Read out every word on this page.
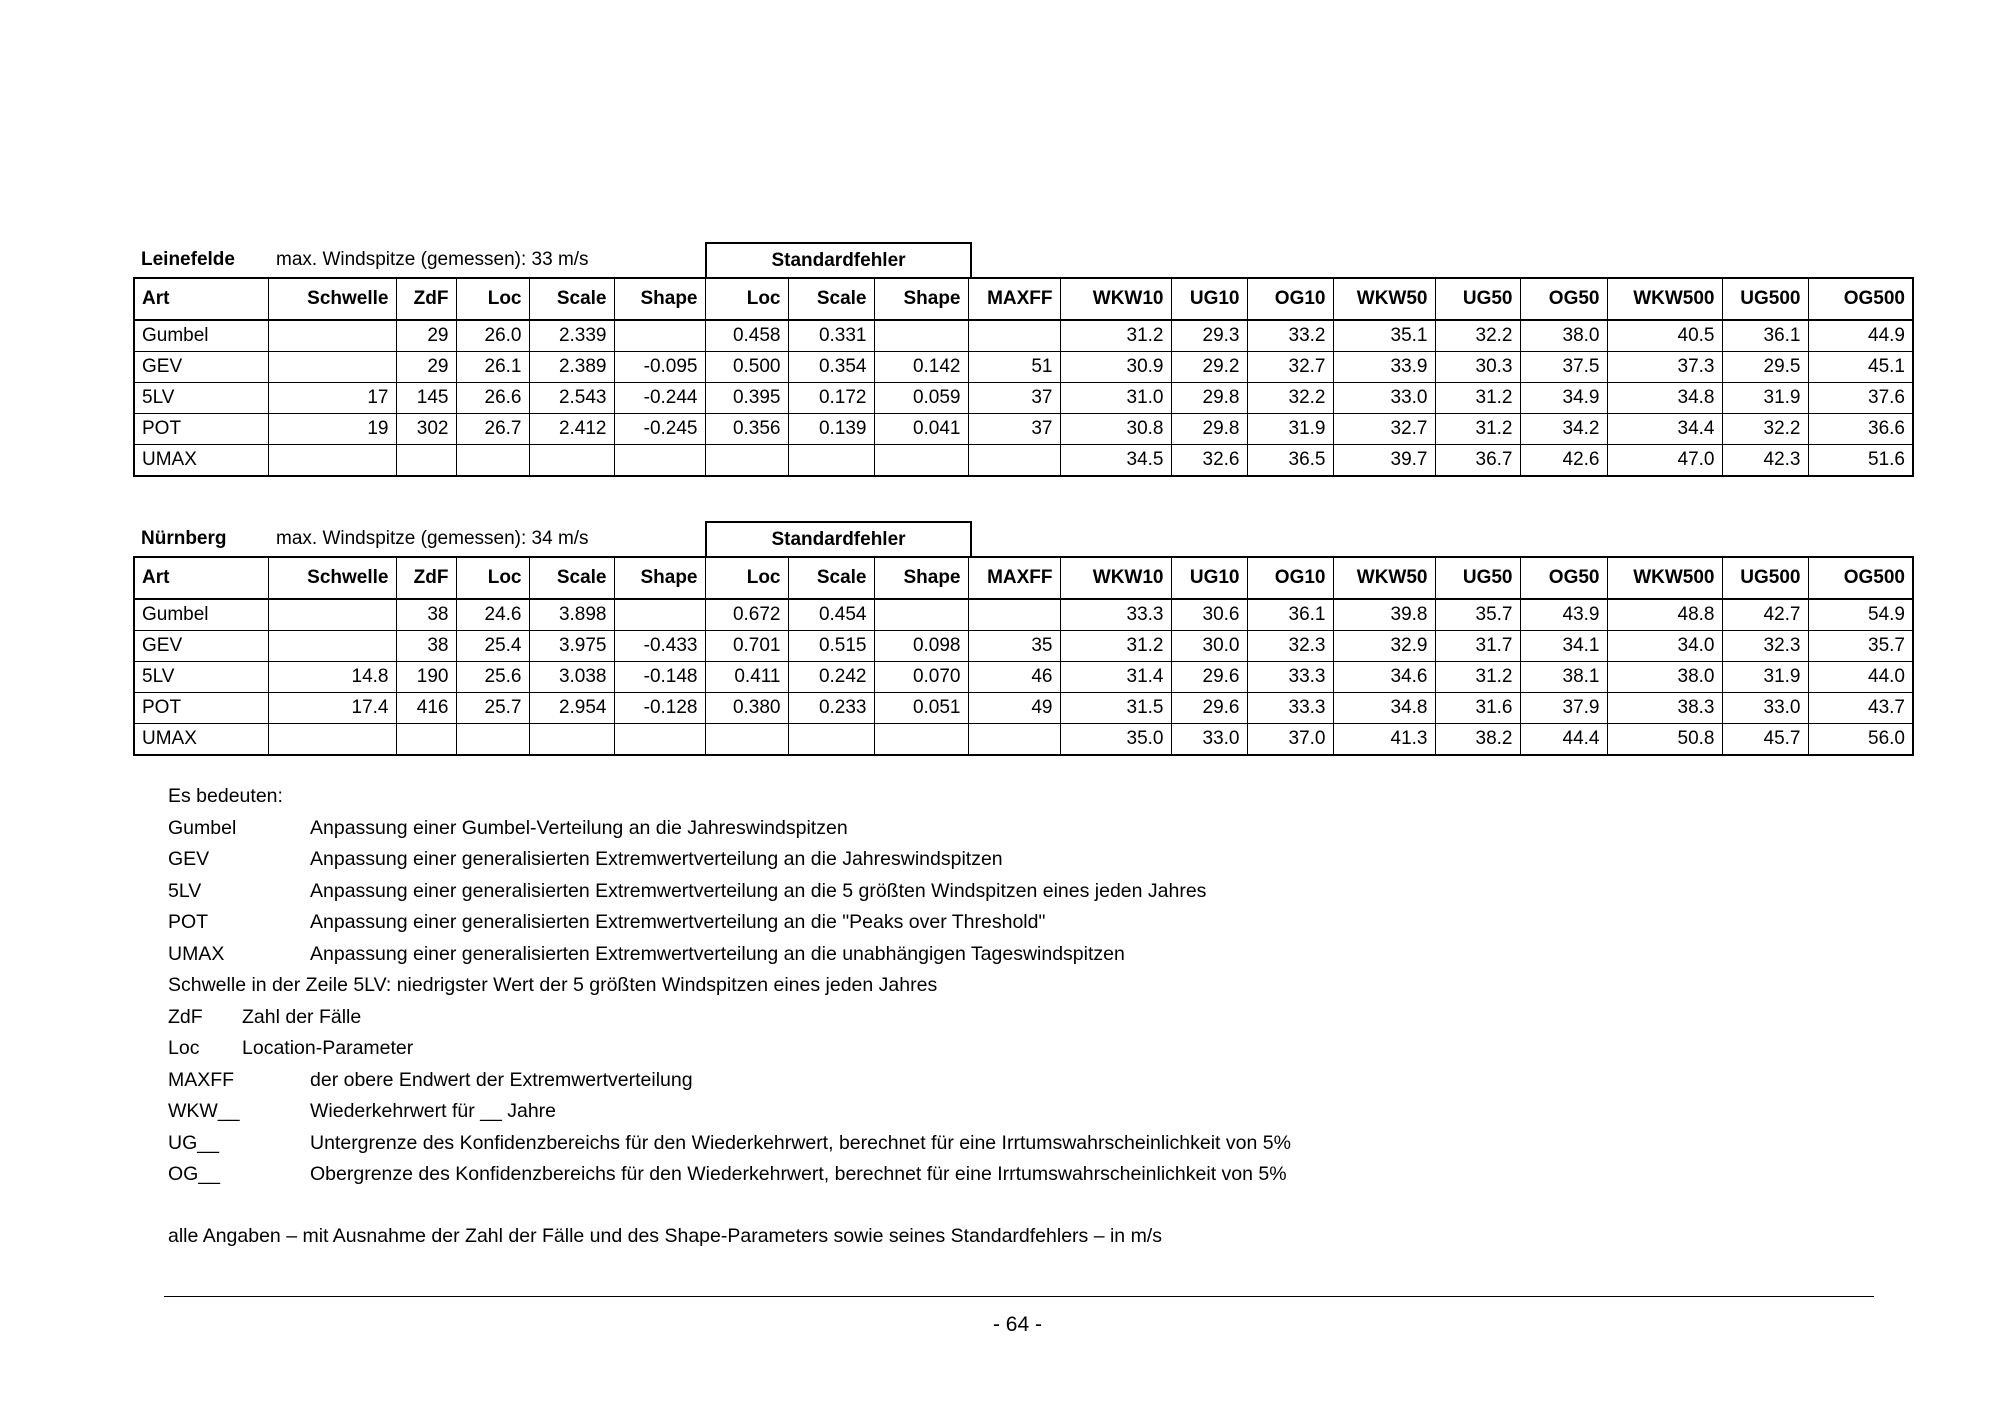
Leinefelde max. Windspitze (gemessen): 33 m/s	Standardfehler
Art	Schwelle	ZdF	Loc	Scale	Shape	Loc	Scale	Shape	MAXFF	WKW10	UG10	OG10	WKW50	UG50	OG50	WKW500	UG500	OG500
Gumbel		29	26.0	2.339		0.458	0.331			31.2	29.3	33.2	35.1	32.2	38.0	40.5	36.1	44.9
GEV		29	26.1	2.389	-0.095	0.500	0.354	0.142	51	30.9	29.2	32.7	33.9	30.3	37.5	37.3	29.5	45.1
5LV	17	145	26.6	2.543	-0.244	0.395	0.172	0.059	37	31.0	29.8	32.2	33.0	31.2	34.9	34.8	31.9	37.6
POT	19	302	26.7	2.412	-0.245	0.356	0.139	0.041	37	30.8	29.8	31.9	32.7	31.2	34.2	34.4	32.2	36.6
UMAX										34.5	32.6	36.5	39.7	36.7	42.6	47.0	42.3	51.6
Nürnberg	max. Windspitze (gemessen): 34 m/s	Standardfehler
Art	Schwelle	ZdF	Loc	Scale	Shape	Loc	Scale	Shape	MAXFF	WKW10	UG10	OG10	WKW50	UG50	OG50	WKW500	UG500	OG500
Gumbel		38	24.6	3.898		0.672	0.454			33.3	30.6	36.1	39.8	35.7	43.9	48.8	42.7	54.9
GEV		38	25.4	3.975	-0.433	0.701	0.515	0.098	35	31.2	30.0	32.3	32.9	31.7	34.1	34.0	32.3	35.7
5LV	14.8	190	25.6	3.038	-0.148	0.411	0.242	0.070	46	31.4	29.6	33.3	34.6	31.2	38.1	38.0	31.9	44.0
POT	17.4	416	25.7	2.954	-0.128	0.380	0.233	0.051	49	31.5	29.6	33.3	34.8	31.6	37.9	38.3	33.0	43.7
UMAX										35.0	33.0	37.0	41.3	38.2	44.4	50.8	45.7	56.0
Es bedeuten:
Gumbel	Anpassung einer Gumbel-Verteilung an die Jahreswindspitzen
GEV	Anpassung einer generalisierten Extremwertverteilung an die Jahreswindspitzen
5LV	Anpassung einer generalisierten Extremwertverteilung an die 5 größten Windspitzen eines jeden Jahres
POT	Anpassung einer generalisierten Extremwertverteilung an die "Peaks over Threshold"
UMAX	Anpassung einer generalisierten Extremwertverteilung an die unabhängigen Tageswindspitzen
Schwelle in der Zeile 5LV: niedrigster Wert der 5 größten Windspitzen eines jeden Jahres
ZdF Zahl der Fälle
Loc Location-Parameter
MAXFF	der obere Endwert der Extremwertverteilung
WKW__	Wiederkehrwert für __ Jahre
UG__	Untergrenze des Konfidenzbereichs für den Wiederkehrwert, berechnet für eine Irrtumswahrscheinlichkeit von 5%
OG__	Obergrenze des Konfidenzbereichs für den Wiederkehrwert, berechnet für eine Irrtumswahrscheinlichkeit von 5%
alle Angaben – mit Ausnahme der Zahl der Fälle und des Shape-Parameters sowie seines Standardfehlers – in m/s
- 64 -
